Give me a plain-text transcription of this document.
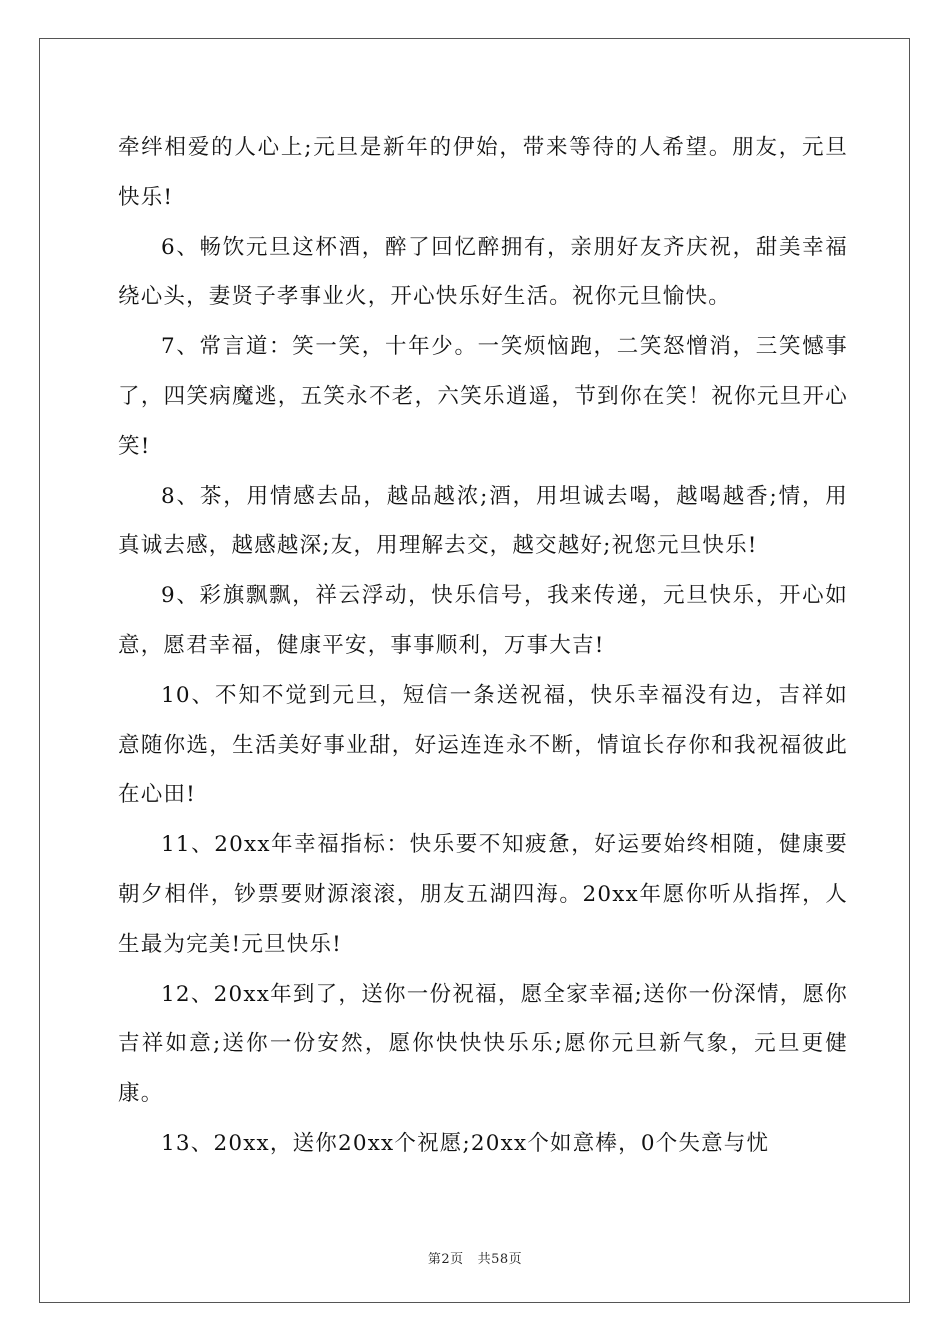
牵绊相爱的人心上;元旦是新年的伊始，带来等待的人希望。朋友，元旦快乐!

6、畅饮元旦这杯酒，醉了回忆醉拥有，亲朋好友齐庆祝，甜美幸福绕心头，妻贤子孝事业火，开心快乐好生活。祝你元旦愉快。

7、常言道：笑一笑，十年少。一笑烦恼跑，二笑怒憎消，三笑憾事了，四笑病魔逃，五笑永不老，六笑乐逍遥，节到你在笑！祝你元旦开心笑!

8、茶，用情感去品，越品越浓;酒，用坦诚去喝，越喝越香;情，用真诚去感，越感越深;友，用理解去交，越交越好;祝您元旦快乐!

9、彩旗飘飘，祥云浮动，快乐信号，我来传递，元旦快乐，开心如意，愿君幸福，健康平安，事事顺利，万事大吉!

10、不知不觉到元旦，短信一条送祝福，快乐幸福没有边，吉祥如意随你选，生活美好事业甜，好运连连永不断，情谊长存你和我祝福彼此在心田!

11、20xx年幸福指标：快乐要不知疲惫，好运要始终相随，健康要朝夕相伴，钞票要财源滚滚，朋友五湖四海。20xx年愿你听从指挥，人生最为完美!元旦快乐!

12、20xx年到了，送你一份祝福，愿全家幸福;送你一份深情，愿你吉祥如意;送你一份安然，愿你快快快乐乐;愿你元旦新气象，元旦更健康。

13、20xx，送你20xx个祝愿;20xx个如意棒，0个失意与忧

第2页 共58页
